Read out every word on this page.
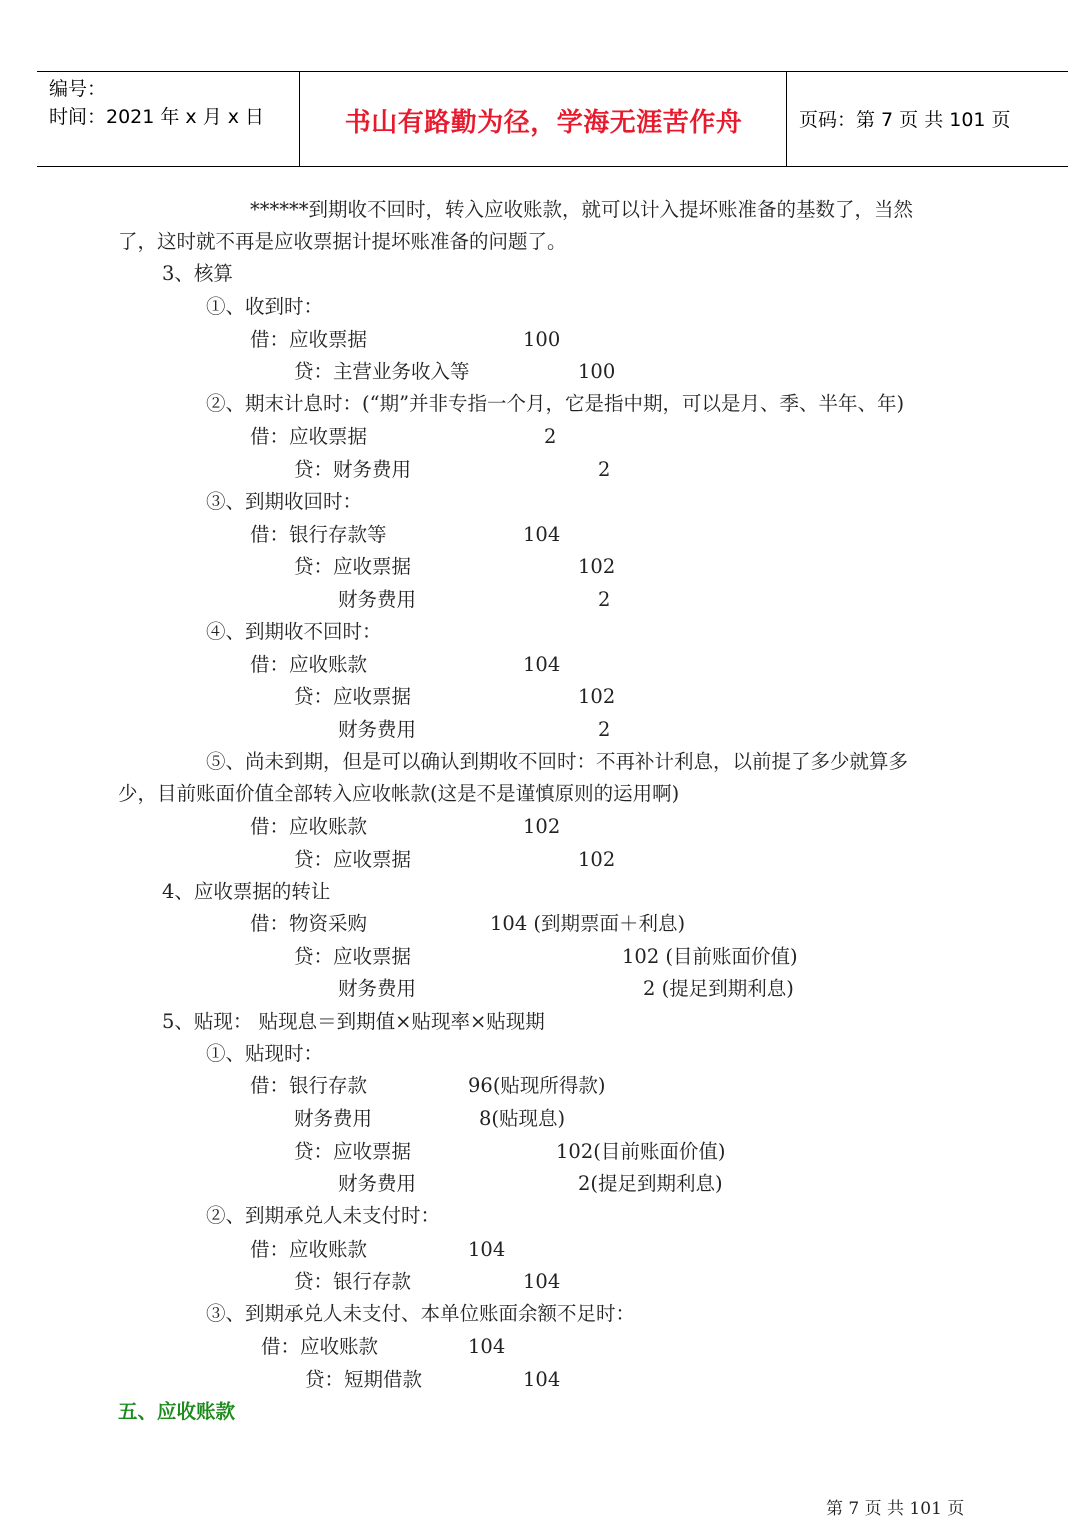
编号：
时间：2021 年 x 月 x 日	书山有路勤为径，学海无涯苦作舟	页码：第 7 页 共 101 页
******到期收不回时，转入应收账款，就可以计入提坏账准备的基数了，当然
了，这时就不再是应收票据计提坏账准备的问题了。
3、核算
①、收到时：
借：应收票据	100
贷：主营业务收入等	100
②、期末计息时：(“期”并非专指一个月，它是指中期，可以是月、季、半年、年)
借：应收票据	2
贷：财务费用	2
③、到期收回时：
借：银行存款等	104
贷：应收票据	102
财务费用	2
④、到期收不回时：
借：应收账款	104
贷：应收票据	102
财务费用	2
⑤、尚未到期，但是可以确认到期收不回时：不再补计利息，以前提了多少就算多
少，目前账面价值全部转入应收帐款(这是不是谨慎原则的运用啊)
借：应收账款	102
贷：应收票据	102
4、应收票据的转让
借：物资采购	104 (到期票面＋利息)
贷：应收票据	102 (目前账面价值)
财务费用	2 (提足到期利息)
5、贴现： 贴现息＝到期值×贴现率×贴现期
①、贴现时：
借：银行存款	96(贴现所得款)
财务费用	8(贴现息)
贷：应收票据	102(目前账面价值)
财务费用	2(提足到期利息)
②、到期承兑人未支付时：
借：应收账款	104
贷：银行存款	104
③、到期承兑人未支付、本单位账面余额不足时：
借：应收账款	104
贷：短期借款	104
五、应收账款
第 7 页 共 101 页
